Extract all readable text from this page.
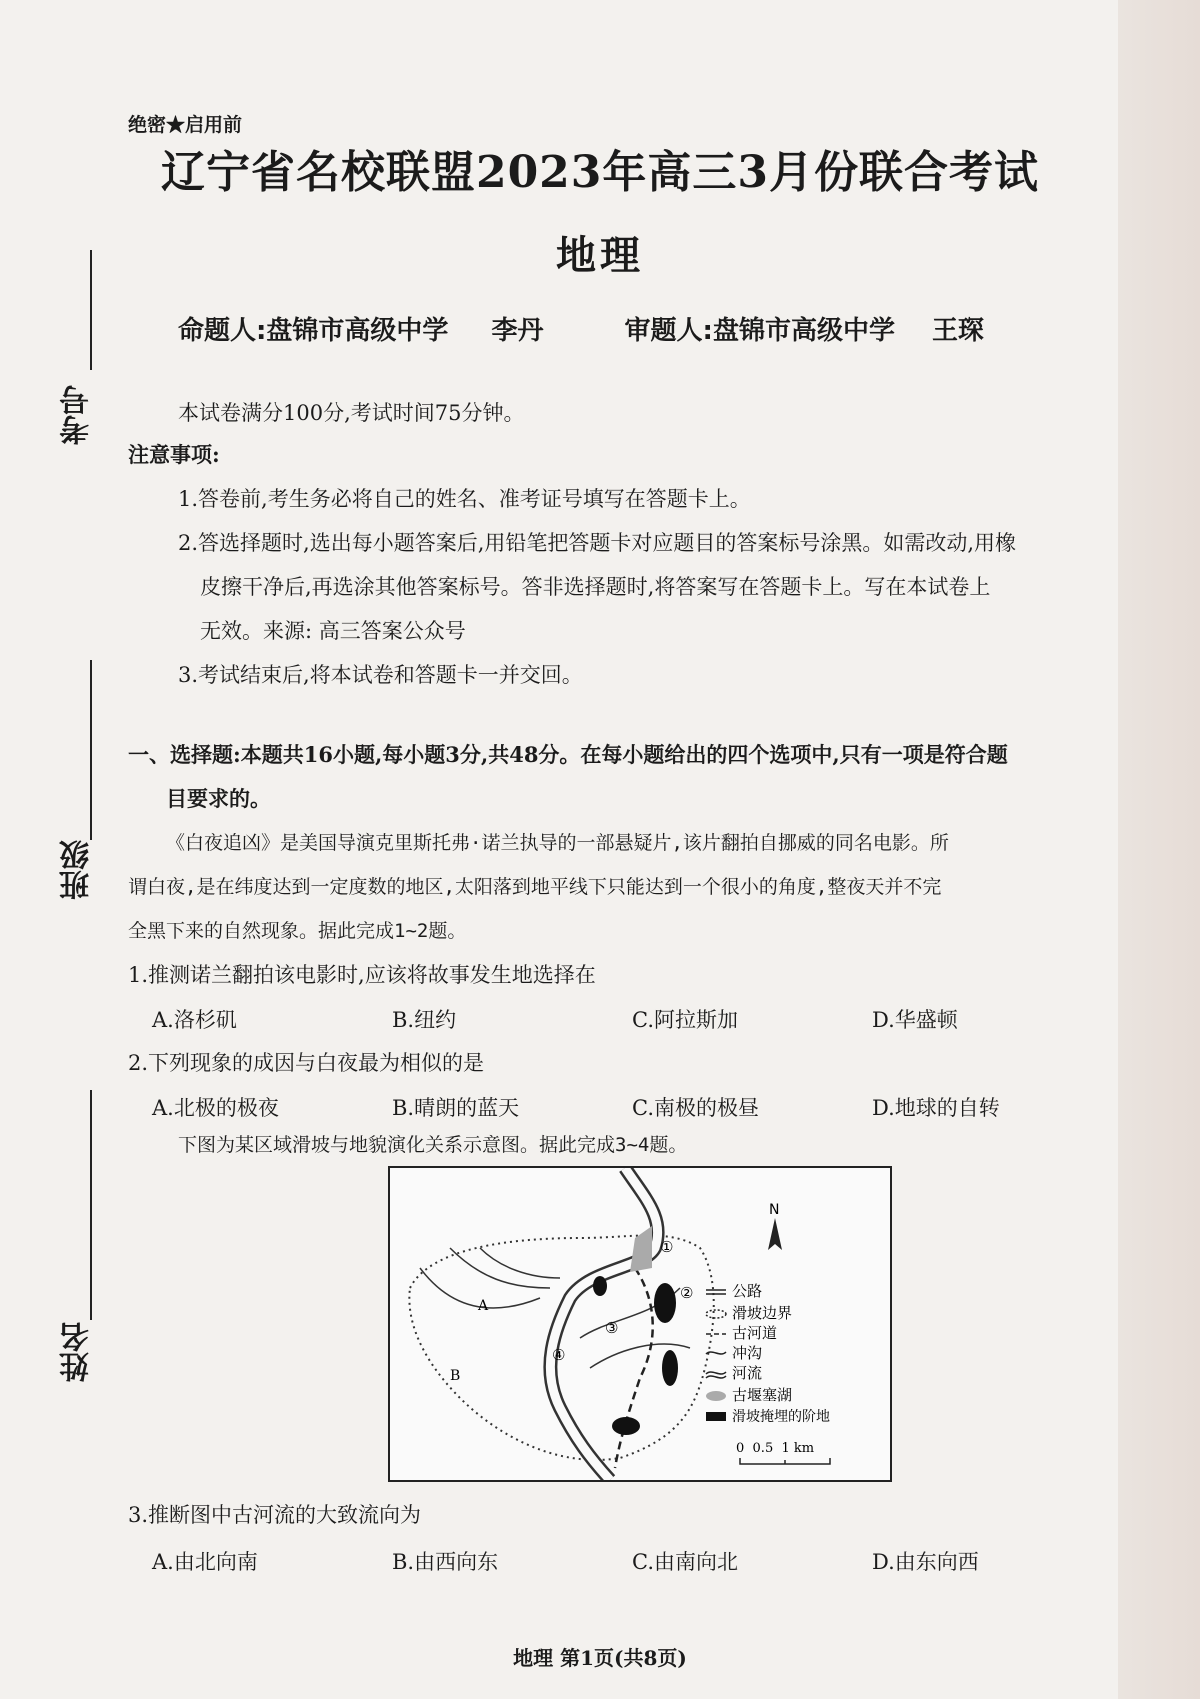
考号
班级
姓名
绝密★启用前
辽宁省名校联盟2023年高三3月份联合考试
地理
命题人:盘锦市高级中学 李丹	审题人:盘锦市高级中学 王琛
本试卷满分100分,考试时间75分钟。
注意事项:
1.答卷前,考生务必将自己的姓名、准考证号填写在答题卡上。
2.答选择题时,选出每小题答案后,用铅笔把答题卡对应题目的答案标号涂黑。如需改动,用橡
皮擦干净后,再选涂其他答案标号。答非选择题时,将答案写在答题卡上。写在本试卷上
无效。来源: 高三答案公众号
3.考试结束后,将本试卷和答题卡一并交回。
一、选择题:本题共16小题,每小题3分,共48分。在每小题给出的四个选项中,只有一项是符合题
目要求的。
《白夜追凶》是美国导演克里斯托弗·诺兰执导的一部悬疑片,该片翻拍自挪威的同名电影。所
谓白夜,是在纬度达到一定度数的地区,太阳落到地平线下只能达到一个很小的角度,整夜天并不完
全黑下来的自然现象。据此完成1~2题。
1.推测诺兰翻拍该电影时,应该将故事发生地选择在
A.洛杉矶	B.纽约	C.阿拉斯加	D.华盛顿
2.下列现象的成因与白夜最为相似的是
A.北极的极夜	B.晴朗的蓝天	C.南极的极昼	D.地球的自转
下图为某区域滑坡与地貌演化关系示意图。据此完成3~4题。
①
②
③
④
A
B
N
公路
滑坡边界
古河道
冲沟
河流
古堰塞湖
滑坡掩埋的阶地
0  0.5  1 km
3.推断图中古河流的大致流向为
A.由北向南	B.由西向东	C.由南向北	D.由东向西
地理 第1页(共8页)
